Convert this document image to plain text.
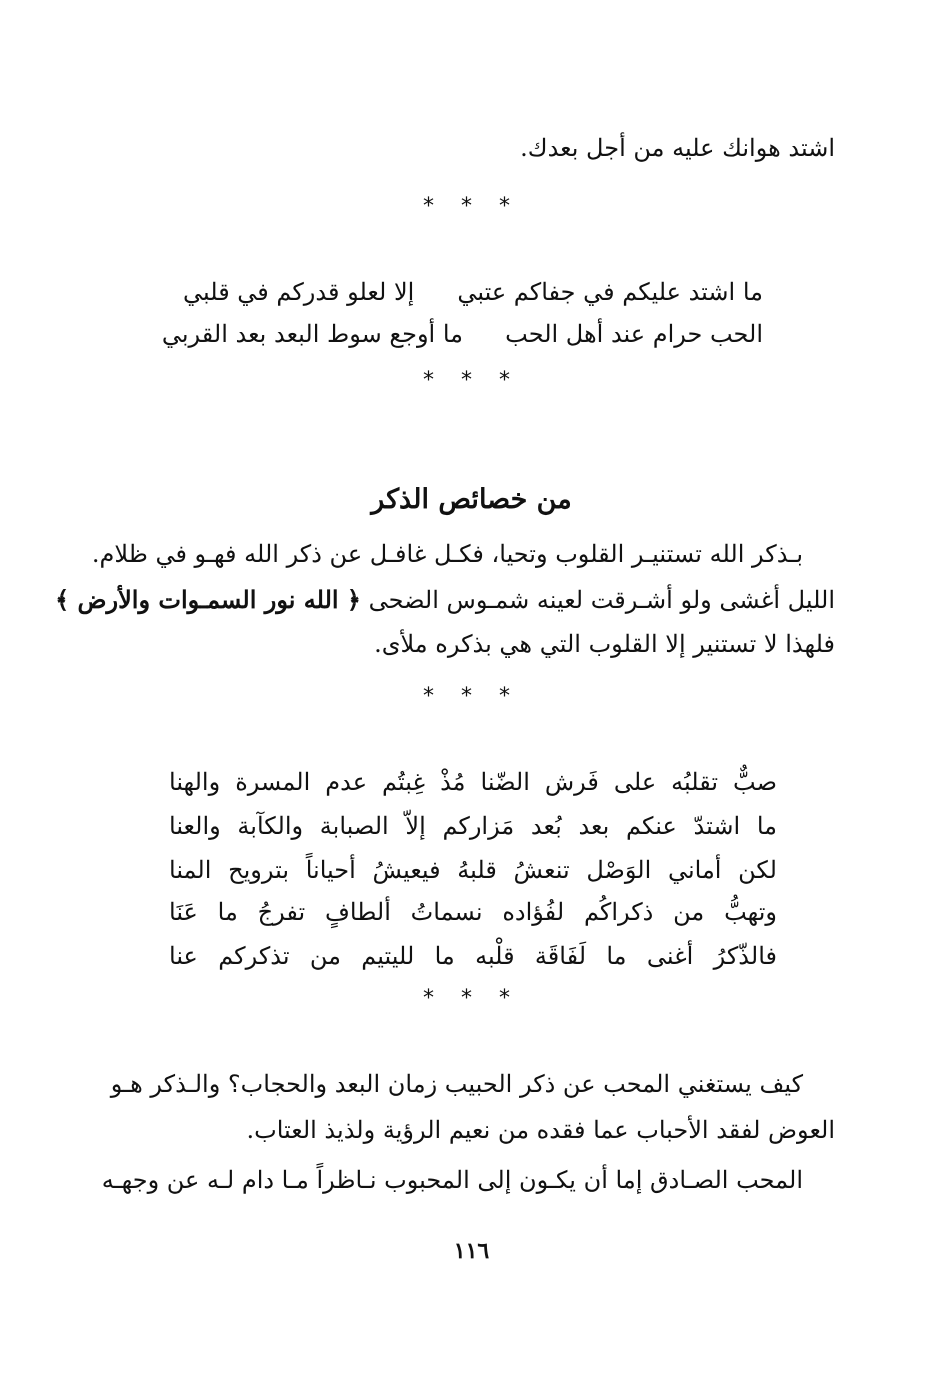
اشتد هوانك عليه من أجل بعدك.
* * *
ما اشتد عليكم في جفاكم عتبي
إلا لعلو قدركم في قلبي
الحب حرام عند أهل الحب
ما أوجع سوط البعد بعد القربي
* * *
من خصائص الذكر
بـذكر الله تستنيـر القلوب وتحيا، فكـل غافـل عن ذكر الله فهـو في ظلام.
الليل أغشى ولو أشـرقت لعينه شمـوس الضحى ﴿ الله نور السمـوات والأرض ﴾
فلهذا لا تستنير إلا القلوب التي هي بذكره ملأى.
* * *
صبٌّ تقلبُه على فَرش الضّنا مُذْ غِبتُم عدم المسرة والهنا
ما اشتدّ عنكم بعد بُعد مَزاركم إلاّ الصبابة والكآبة والعنا
لكن أماني الوَصْل تنعشُ قلبهُ فيعيشُ أحياناً بترويح المنا
وتهبُّ من ذكراكُم لفُؤاده نسماتُ ألطافٍ تفرجُ ما عَنَا
فالذّكرُ أغنى ما لَفَاقَة قلْبه ما لليتيم من تذكركم عنا
* * *
كيف يستغني المحب عن ذكر الحبيب زمان البعد والحجاب؟ والـذكر هـو
العوض لفقد الأحباب عما فقده من نعيم الرؤية ولذيذ العتاب.
المحب الصـادق إما أن يكـون إلى المحبوب نـاظراً مـا دام لـه عن وجهـه
١١٦
